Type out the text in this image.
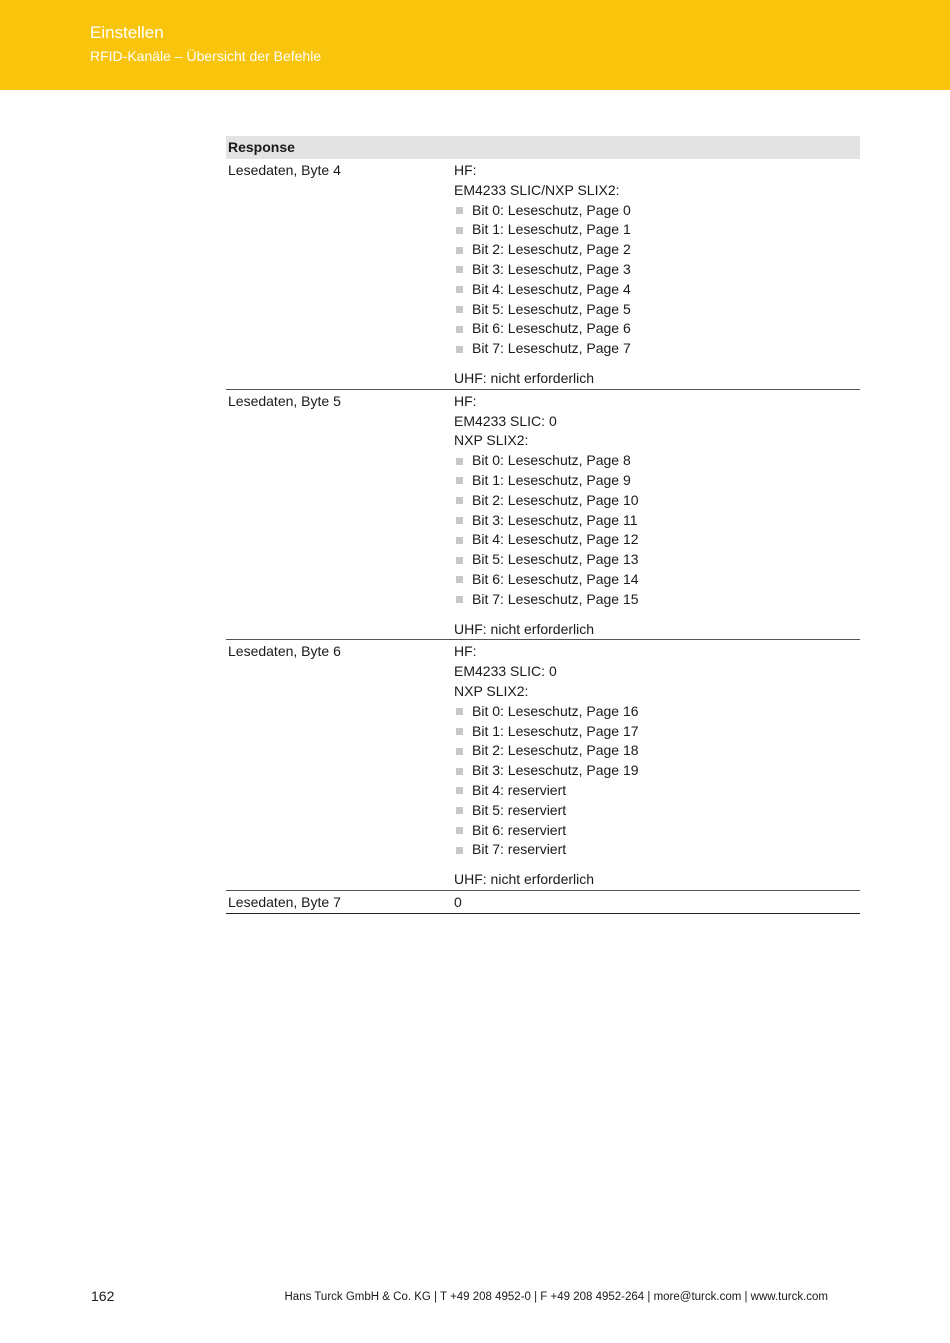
Einstellen
RFID-Kanäle – Übersicht der Befehle
Response
Lesedaten, Byte 4	HF:
EM4233 SLIC/NXP SLIX2:
Bit 0: Leseschutz, Page 0
Bit 1: Leseschutz, Page 1
Bit 2: Leseschutz, Page 2
Bit 3: Leseschutz, Page 3
Bit 4: Leseschutz, Page 4
Bit 5: Leseschutz, Page 5
Bit 6: Leseschutz, Page 6
Bit 7: Leseschutz, Page 7
UHF: nicht erforderlich
Lesedaten, Byte 5	HF:
EM4233 SLIC: 0
NXP SLIX2:
Bit 0: Leseschutz, Page 8
Bit 1: Leseschutz, Page 9
Bit 2: Leseschutz, Page 10
Bit 3: Leseschutz, Page 11
Bit 4: Leseschutz, Page 12
Bit 5: Leseschutz, Page 13
Bit 6: Leseschutz, Page 14
Bit 7: Leseschutz, Page 15
UHF: nicht erforderlich
Lesedaten, Byte 6	HF:
EM4233 SLIC: 0
NXP SLIX2:
Bit 0: Leseschutz, Page 16
Bit 1: Leseschutz, Page 17
Bit 2: Leseschutz, Page 18
Bit 3: Leseschutz, Page 19
Bit 4: reserviert
Bit 5: reserviert
Bit 6: reserviert
Bit 7: reserviert
UHF: nicht erforderlich
Lesedaten, Byte 7	0
162	Hans Turck GmbH & Co. KG | T +49 208 4952-0 | F +49 208 4952-264 | more@turck.com | www.turck.com
